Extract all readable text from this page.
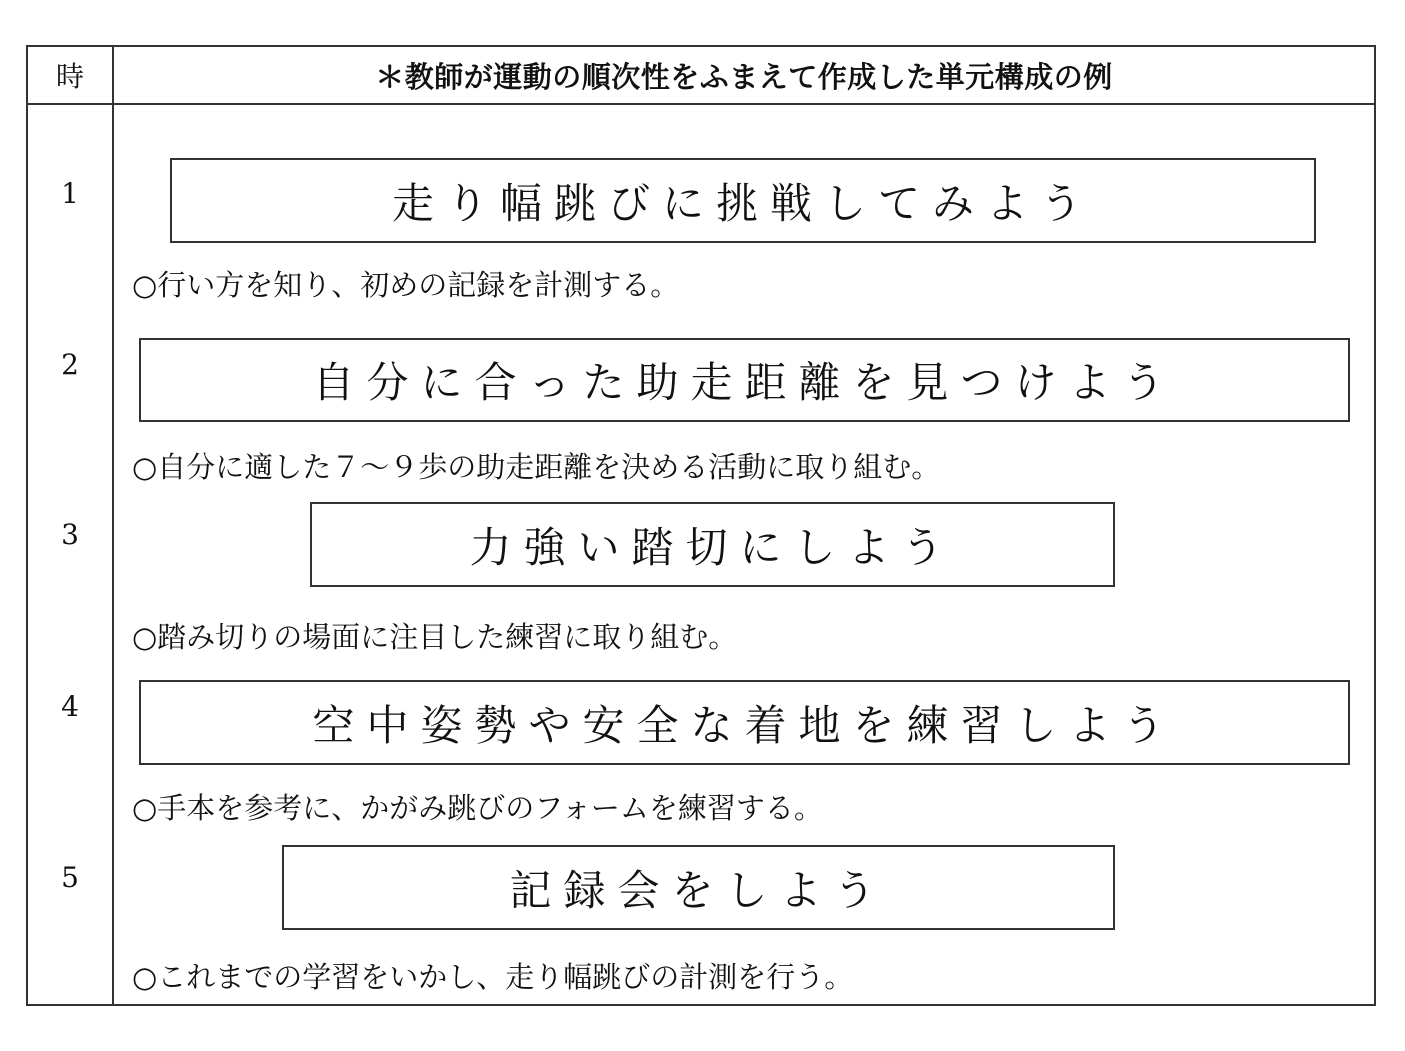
時	＊教師が運動の順次性をふまえて作成した単元構成の例
1	走り幅跳びに挑戦してみよう
○行い方を知り、初めの記録を計測する。
2	自分に合った助走距離を見つけよう
○自分に適した７～９歩の助走距離を決める活動に取り組む。
3	力強い踏切にしよう
○踏み切りの場面に注目した練習に取り組む。
4	空中姿勢や安全な着地を練習しよう
○手本を参考に、かがみ跳びのフォームを練習する。
5	記録会をしよう
○これまでの学習をいかし、走り幅跳びの計測を行う。
